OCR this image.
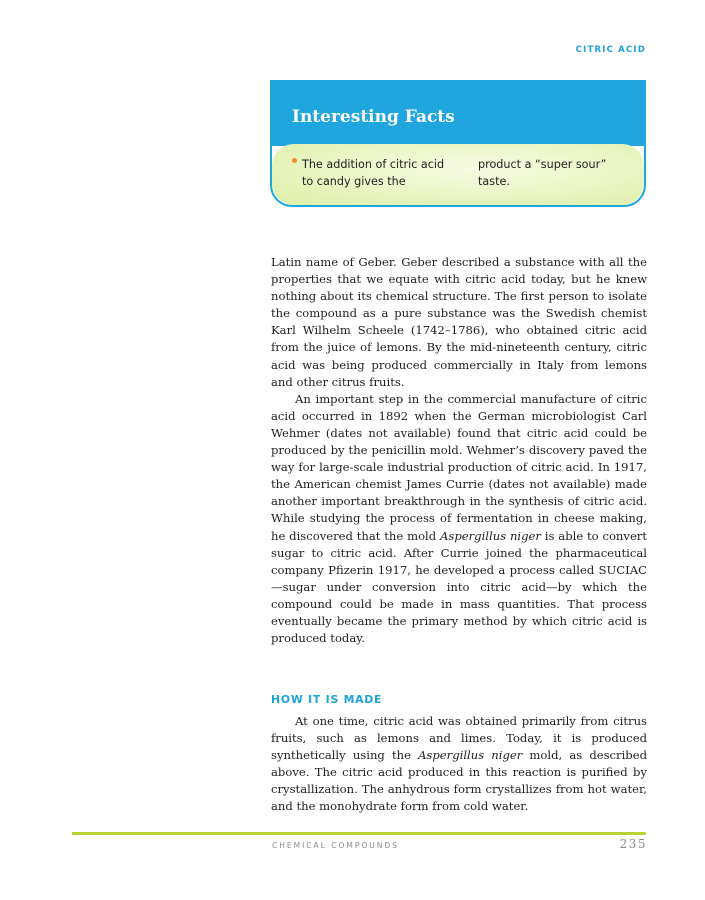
CITRIC ACID
Interesting Facts
The addition of citric acid to candy gives the
product a “super sour” taste.

Latin name of Geber. Geber described a substance with all the properties that we equate with citric acid today, but he knew nothing about its chemical structure. The first person to isolate the compound as a pure substance was the Swedish chemist Karl Wilhelm Scheele (1742–1786), who obtained citric acid from the juice of lemons. By the mid-nineteenth century, citric acid was being produced commercially in Italy from lemons and other citrus fruits.

An important step in the commercial manufacture of citric acid occurred in 1892 when the German microbiologist Carl Wehmer (dates not available) found that citric acid could be produced by the penicillin mold. Wehmer’s discovery paved the way for large-scale industrial production of citric acid. In 1917, the American chemist James Currie (dates not available) made another important breakthrough in the synthesis of citric acid. While studying the process of fermentation in cheese making, he discovered that the mold Aspergillus niger is able to convert sugar to citric acid. After Currie joined the pharmaceutical company Pfizerin 1917, he developed a process called SUCIAC—sugar under conversion into citric acid—by which the compound could be made in mass quantities. That process eventually became the primary method by which citric acid is produced today.

HOW IT IS MADE

At one time, citric acid was obtained primarily from citrus fruits, such as lemons and limes. Today, it is produced synthetically using the Aspergillus niger mold, as described above. The citric acid produced in this reaction is purified by crystallization. The anhydrous form crystallizes from hot water, and the monohydrate form from cold water.

CHEMICAL COMPOUNDS	235
